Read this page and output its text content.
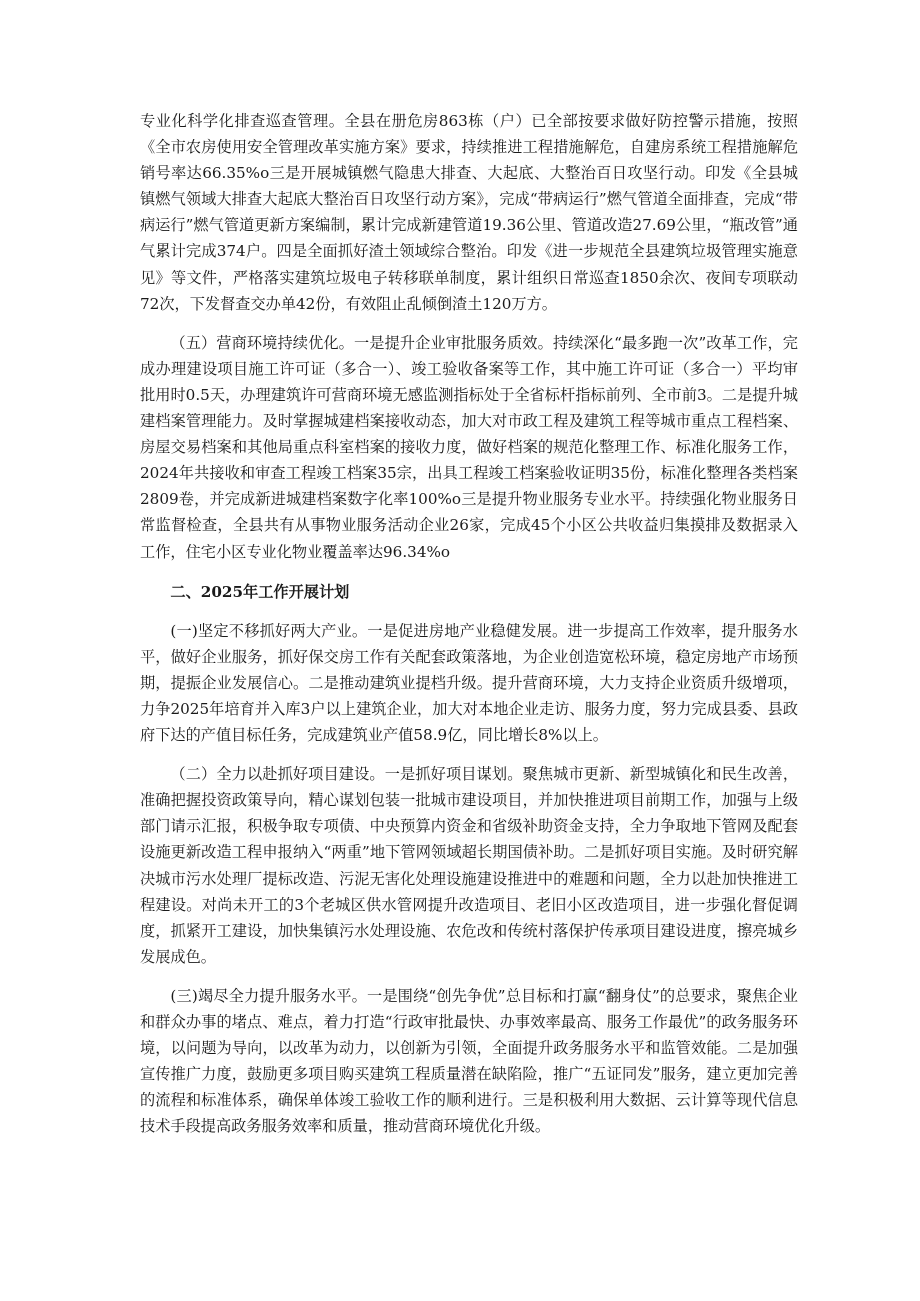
专业化科学化排查巡查管理。全县在册危房863栋（户）已全部按要求做好防控警示措施，按照《全市农房使用安全管理改革实施方案》要求，持续推进工程措施解危，自建房系统工程措施解危销号率达66.35%o三是开展城镇燃气隐患大排查、大起底、大整治百日攻坚行动。印发《全县城镇燃气领域大排查大起底大整治百日攻坚行动方案》，完成“带病运行”燃气管道全面排查，完成“带病运行”燃气管道更新方案编制，累计完成新建管道19.36公里、管道改造27.69公里，“瓶改管”通气累计完成374户。四是全面抓好渣土领域综合整治。印发《进一步规范全县建筑垃圾管理实施意见》等文件，严格落实建筑垃圾电子转移联单制度，累计组织日常巡查1850余次、夜间专项联动72次，下发督查交办单42份，有效阻止乱倾倒渣土120万方。

（五）营商环境持续优化。一是提升企业审批服务质效。持续深化“最多跑一次”改革工作，完成办理建设项目施工许可证（多合一）、竣工验收备案等工作，其中施工许可证（多合一）平均审批用时0.5天，办理建筑许可营商环境无感监测指标处于全省标杆指标前列、全市前3。二是提升城建档案管理能力。及时掌握城建档案接收动态，加大对市政工程及建筑工程等城市重点工程档案、房屋交易档案和其他局重点科室档案的接收力度，做好档案的规范化整理工作、标准化服务工作，2024年共接收和审查工程竣工档案35宗，出具工程竣工档案验收证明35份，标准化整理各类档案2809卷，并完成新进城建档案数字化率100%o三是提升物业服务专业水平。持续强化物业服务日常监督检查，全县共有从事物业服务活动企业26家，完成45个小区公共收益归集摸排及数据录入工作，住宅小区专业化物业覆盖率达96.34%o

二、2025年工作开展计划

(一)坚定不移抓好两大产业。一是促进房地产业稳健发展。进一步提高工作效率，提升服务水平，做好企业服务，抓好保交房工作有关配套政策落地，为企业创造宽松环境，稳定房地产市场预期，提振企业发展信心。二是推动建筑业提档升级。提升营商环境，大力支持企业资质升级增项，力争2025年培育并入库3户以上建筑企业，加大对本地企业走访、服务力度，努力完成县委、县政府下达的产值目标任务，完成建筑业产值58.9亿，同比增长8%以上。

（二）全力以赴抓好项目建设。一是抓好项目谋划。聚焦城市更新、新型城镇化和民生改善，准确把握投资政策导向，精心谋划包装一批城市建设项目，并加快推进项目前期工作，加强与上级部门请示汇报，积极争取专项债、中央预算内资金和省级补助资金支持，全力争取地下管网及配套设施更新改造工程申报纳入“两重”地下管网领域超长期国债补助。二是抓好项目实施。及时研究解决城市污水处理厂提标改造、污泥无害化处理设施建设推进中的难题和问题，全力以赴加快推进工程建设。对尚未开工的3个老城区供水管网提升改造项目、老旧小区改造项目，进一步强化督促调度，抓紧开工建设，加快集镇污水处理设施、农危改和传统村落保护传承项目建设进度，擦亮城乡发展成色。

(三)竭尽全力提升服务水平。一是围绕“创先争优”总目标和打赢“翻身仗”的总要求，聚焦企业和群众办事的堵点、难点，着力打造“行政审批最快、办事效率最高、服务工作最优”的政务服务环境，以问题为导向，以改革为动力，以创新为引领，全面提升政务服务水平和监管效能。二是加强宣传推广力度，鼓励更多项目购买建筑工程质量潜在缺陷险，推广“五证同发”服务，建立更加完善的流程和标准体系，确保单体竣工验收工作的顺利进行。三是积极利用大数据、云计算等现代信息技术手段提高政务服务效率和质量，推动营商环境优化升级。
